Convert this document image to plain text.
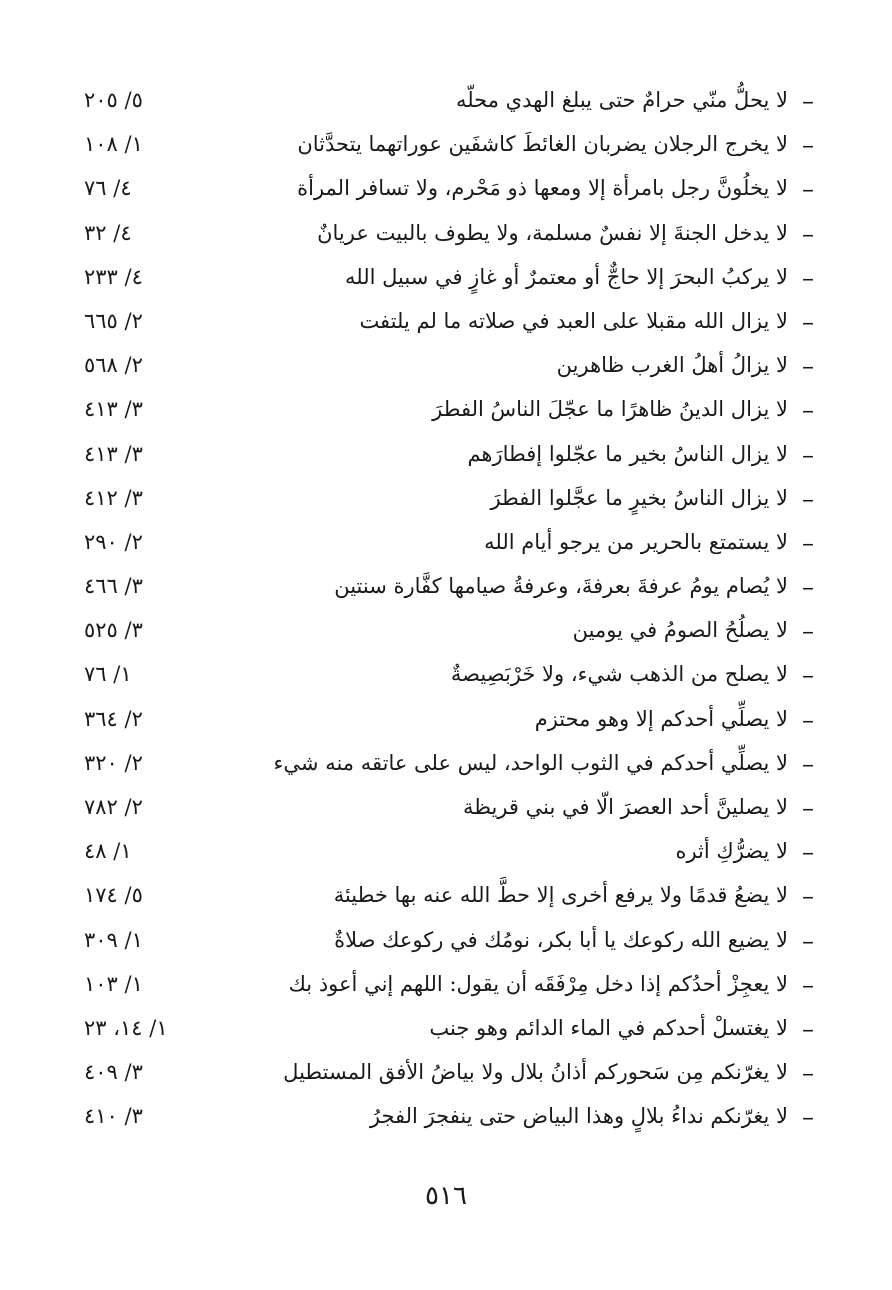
–
لا يحلُّ منّي حرامٌ حتى يبلغ الهدي محلّه
٥/ ٢٠٥
–
لا يخرج الرجلان يضربان الغائطَ كاشفَين عوراتهما يتحدَّثان
١/ ١٠٨
–
لا يخلُونَّ رجل بامرأة إلا ومعها ذو مَحْرم، ولا تسافر المرأة
٤/ ٧٦
–
لا يدخل الجنةَ إلا نفسٌ مسلمة، ولا يطوف بالبيت عريانٌ
٤/ ٣٢
–
لا يركبُ البحرَ إلا حاجٌّ أو معتمرٌ أو غازٍ في سبيل الله
٤/ ٢٣٣
–
لا يزال الله مقبلا على العبد في صلاته ما لم يلتفت
٢/ ٦٦٥
–
لا يزالُ أهلُ الغرب ظاهرين
٢/ ٥٦٨
–
لا يزال الدينُ ظاهرًا ما عجّلَ الناسُ الفطرَ
٣/ ٤١٣
–
لا يزال الناسُ بخير ما عجّلوا إفطارَهم
٣/ ٤١٣
–
لا يزال الناسُ بخيرٍ ما عجَّلوا الفطرَ
٣/ ٤١٢
–
لا يستمتع بالحرير من يرجو أيام الله
٢/ ٢٩٠
–
لا يُصام يومُ عرفةَ بعرفةَ، وعرفةُ صيامها كفَّارة سنتين
٣/ ٤٦٦
–
لا يصلُحُ الصومُ في يومين
٣/ ٥٢٥
–
لا يصلح من الذهب شيء، ولا خَرْبَصِيصةٌ
١/ ٧٦
–
لا يصلِّي أحدكم إلا وهو محتزم
٢/ ٣٦٤
–
لا يصلِّي أحدكم في الثوب الواحد، ليس على عاتقه منه شيء
٢/ ٣٢٠
–
لا يصلينَّ أحد العصرَ الّا في بني قريظة
٢/ ٧٨٢
–
لا يضرُّكِ أثره
١/ ٤٨
–
لا يضعُ قدمًا ولا يرفع أخرى إلا حطَّ الله عنه بها خطيئة
٥/ ١٧٤
–
لا يضيع الله ركوعك يا أبا بكر، نومُك في ركوعك صلاةٌ
١/ ٣٠٩
–
لا يعجِزْ أحدُكم إذا دخل مِرْفَقَه أن يقول: اللهم إني أعوذ بك
١/ ١٠٣
–
لا يغتسلْ أحدكم في الماء الدائم وهو جنب
١/ ١٤، ٢٣
–
لا يغرّنكم مِن سَحوركم أذانُ بلال ولا بياضُ الأفق المستطيل
٣/ ٤٠٩
–
لا يغرّنكم نداءُ بلالٍ وهذا البياض حتى ينفجرَ الفجرُ
٣/ ٤١٠
٥١٦
